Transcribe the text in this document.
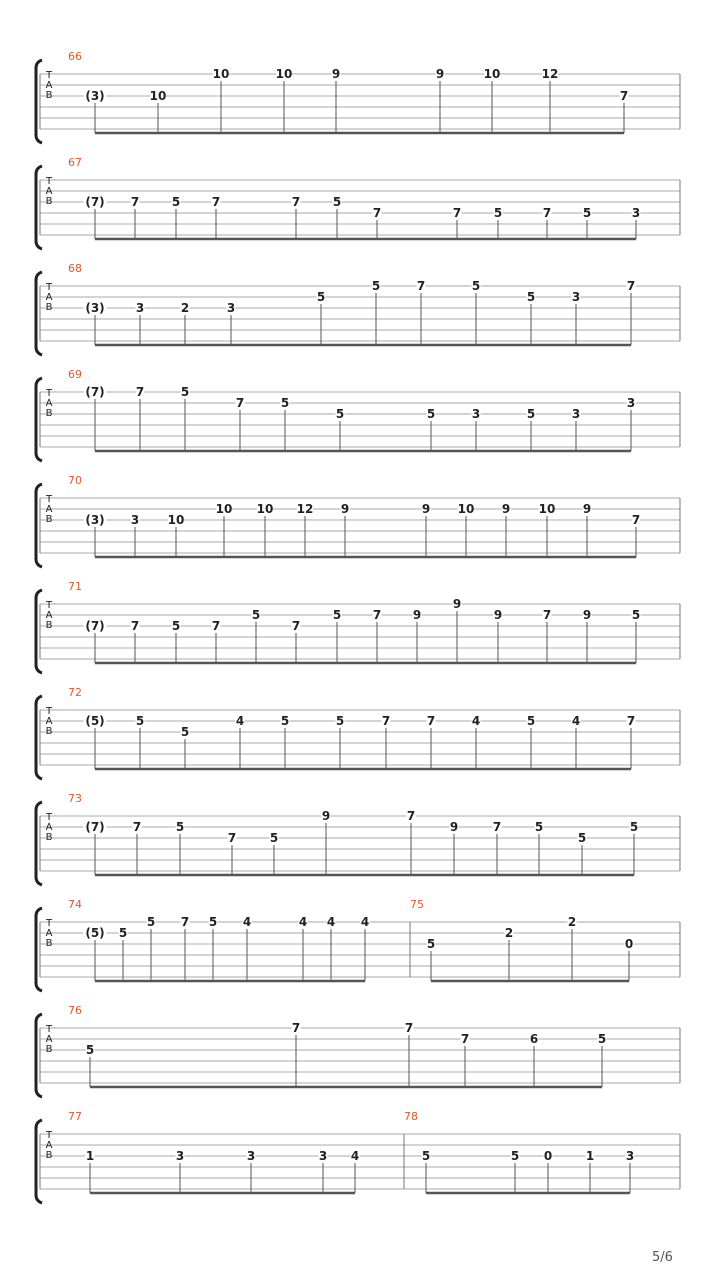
T
A
B
66
(3)	10
10	10	9	9	10	12
7
T
A
B
67
(7) 7	5	7	7	5
7	7	5	7	5	3
T
A
B
68
(3)	3	2	3
5
5	7	5
5	3
7
T
A
B
69
(7)	7	5
7	5
5	5	3	5	3
3
T
A
B
70
(3) 3 10
10 10 12 9	9 10 9 10 9
7
T
A
B
71
(7) 7	5	7
5
7
5	7	9
9
9	7	9	5
T
A
B
72
(5)	5
5
4	5	5	7	7	4	5	4	7
T
A
B
73
(7) 7	5
7	5
9	7
9	7	5
5
5
T
A
B
74	75
(5) 5
5 7 5 4	4 4 4
5
2
2
0
T
A
B
76
5
7	7
7	6	5
T
A
B
77	78
1	3	3	3 4	5	5 0	1	3
5/6
